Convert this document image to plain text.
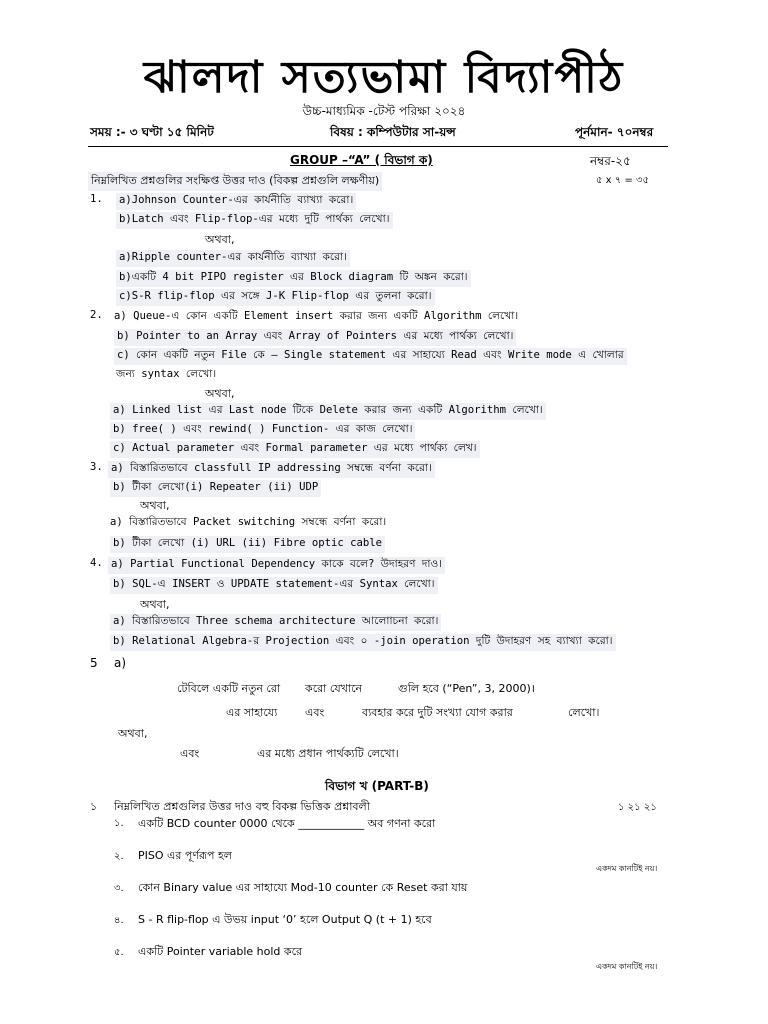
ঝালদা সত্যভামা বিদ্যাপীঠ
উচ্চ-মাধ্যমিক -টেস্ট পরিক্ষা ২০২৪
সময় :- ৩ ঘণ্টা ১৫ মিনিট	বিষয় : কম্পিউটার সা-য়ন্স	পূর্নমান- ৭০নম্বর
GROUP –“A” ( বিভাগ ক)	নম্বর-২৫
নিম্নলিখিত প্রশ্নগুলির সংক্ষিপ্ত উত্তর দাও (বিকল্প প্রশ্নগুলি লক্ষণীয়)	৫ x ৭ = ৩৫
1. a)Johnson Counter-এর কার্যনীতি ব্যাখ্যা করো।
b)Latch এবং Flip-flop-এর মধ্যে দুটি পার্থক্য লেখো।
অথবা,
a)Ripple counter-এর কার্যনীতি ব্যাখ্যা করাে।
b)একটি 4 bit PIPO register এর Block diagram টি অঙ্কন করো।
c)S-R flip-flop এর সঙ্গে J-K Flip-flop এর তুলনা করো।
2. a) Queue-এ কোন একটি Element insert করার জন্য একটি Algorithm লেখো।
b) Pointer to an Array এবং Array of Pointers এর মধ্যে পার্থক্য লেখো।
c) কোন একটি নতুন File কে – Single statement এর সাহায্যে Read এবং Write mode এ খোলার
জন্য syntax লেখো।
অথবা,
a) Linked list এর Last node টিকে Delete করার জন্য একটি Algorithm লেখো।
b) free( ) এবং rewind( ) Function- এর কাজ লেখো।
c) Actual parameter এবং Formal parameter এর মধ্যে পার্থক্য লেখ।
3. a) বিস্তারিতভাবে classfull IP addressing সম্বন্ধে বর্ণনা করো।
b) টীকা লেখো(i) Repeater (ii) UDP
অথবা,
a) বিস্তারিতভাবে Packet switching সম্বন্ধে বর্ণনা করো।
b) টীকা লেখো (i) URL (ii) Fibre optic cable
4. a) Partial Functional Dependency কাকে বলে? উদাহরণ দাও।
b) SQL-এ INSERT ও UPDATE statement-এর Syntax লেখো।
অথবা,
a) বিস্তারিতভাবে Three schema architecture আলাােচনা করো।
b) Relational Algebra-র Projection এবং ০ -join operation দুটি উদাহরণ সহ ব্যাখ্যা করো।
5 a)
টেবিলে একটি নতুন রো করো যেখানে	গুলি হবে (“Pen”, 3, 2000)।
এর সাহায্যে	এবং	ব্যবহার করে দুটি সংখ্যা যোগ করার	লেখো।
অথবা,
এবং	এর মধ্যে প্রধান পার্থক্যটি লেখো।
বিভাগ খ (PART-B)
১ নিম্নলিখিত প্রশ্নগুলির উত্তর দাও বহু বিকল্প ভিত্তিক প্রশ্নাবলী	১ ২১ ২১
১. একটি BCD counter 0000 থেকে ____________ অব গণনা করো
২. PISO এর পূর্ণরূপ হল
একদম কানটিই নয়।
৩. কোন Binary value এর সাহায্যে Mod-10 counter কে Reset করা যায়
৪. S - R flip-flop এ উভয় input ‘0’ হলে Output Q (t + 1) হবে
৫. একটি Pointer variable hold করে
একদম কানটিই নয়।
